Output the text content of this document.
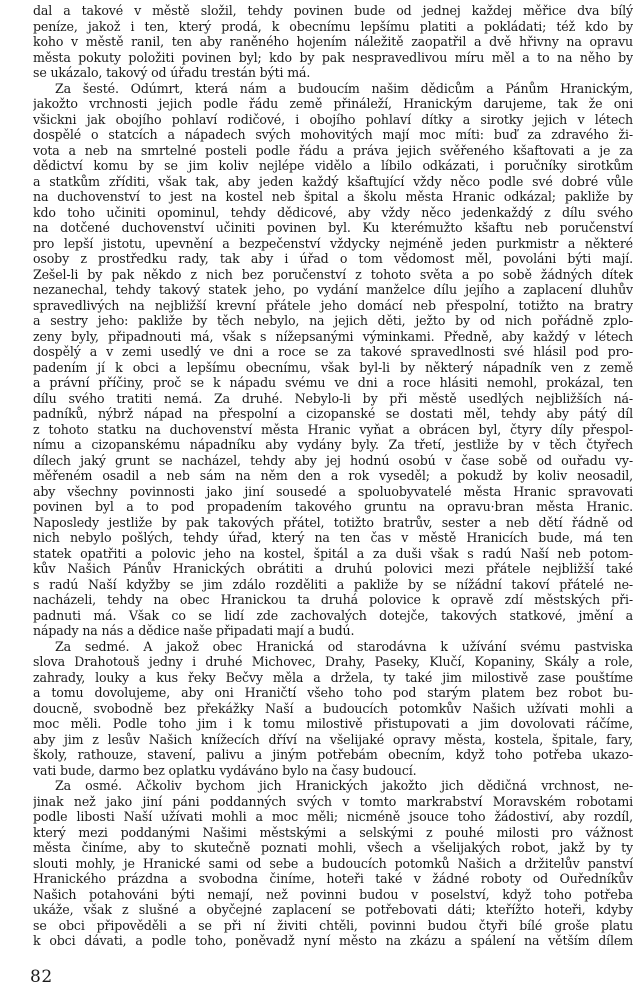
dal a takové v městě složil, tehdy povinen bude od jednej každej měřice dva bílý
peníze, jakož i ten, který prodá, k obecnímu lepšímu platiti a pokládati; též kdo by
koho v městě ranil, ten aby raněného hojením náležitě zaopatřil a dvě hřivny na opravu
města pokuty položiti povinen byl; kdo by pak nespravedlivou míru měl a to na něho by
se ukázalo, takový od úřadu trestán býti má.
Za šesté. Odúmrt, která nám a budoucím našim dědicům a Pánům Hranickým,
jakožto vrchnosti jejich podle řádu země přináleží, Hranickým darujeme, tak že oni
všickni jak obojího pohlaví rodičové, i obojího pohlaví dítky a sirotky jejich v létech
dospělé o statcích a nápadech svých mohovitých mají moc míti: buď za zdravého ži-
vota a neb na smrtelné posteli podle řádu a práva jejich svěřeného kšaftovati a je za
dědictví komu by se jim koliv nejlépe vidělo a líbilo odkázati, i poručníky sirotkům
a statkům zříditi, však tak, aby jeden každý kšaftující vždy něco podle své dobré vůle
na duchovenství to jest na kostel neb špital a školu města Hranic odkázal; pakliže by
kdo toho učiniti opominul, tehdy dědicové, aby vždy něco jedenkaždý z dílu svého
na dotčené duchovenství učiniti povinen byl. Ku kterémužto kšaftu neb poručenství
pro lepší jistotu, upevnění a bezpečenství vždycky nejméně jeden purkmistr a některé
osoby z prostředku rady, tak aby i úřad o tom vědomost měl, povoláni býti mají.
Zešel-li by pak někdo z nich bez poručenství z tohoto světa a po sobě žádných dítek
nezanechal, tehdy takový statek jeho, po vydání manželce dílu jejího a zaplacení dluhův
spravedlivých na nejbližší krevní přátele jeho domácí neb přespolní, totižto na bratry
a sestry jeho: pakliže by těch nebylo, na jejich děti, ježto by od nich pořádně zplo-
zeny byly, připadnouti má, však s nížepsanými výminkami. Předně, aby každý v létech
dospělý a v zemi usedlý ve dni a roce se za takové spravedlnosti své hlásil pod pro-
padením jí k obci a lepšímu obecnímu, však byl-li by některý nápadník ven z země
a právní příčiny, proč se k nápadu svému ve dni a roce hlásiti nemohl, prokázal, ten
dílu svého tratiti nemá. Za druhé. Nebylo-li by při městě usedlých nejbližších ná-
padníků, nýbrž nápad na přespolní a cizopanské se dostati měl, tehdy aby pátý díl
z tohoto statku na duchovenství města Hranic vyňat a obrácen byl, čtyry díly přespol-
nímu a cizopanskému nápadníku aby vydány byly. Za třetí, jestliže by v těch čtyřech
dílech jaký grunt se nacházel, tehdy aby jej hodnú osobú v čase sobě od ouřadu vy-
měřeném osadil a neb sám na něm den a rok vyseděl; a pokudž by koliv neosadil,
aby všechny povinnosti jako jiní sousedé a spoluobyvatelé města Hranic spravovati
povinen byl a to pod propadením takového gruntu na opravu·bran města Hranic.
Naposledy jestliže by pak takových přátel, totižto bratrův, sester a neb dětí řádně od
nich nebylo pošlých, tehdy úřad, který na ten čas v městě Hranicích bude, má ten
statek opatřiti a polovic jeho na kostel, špitál a za duši však s radú Naší neb potom-
kův Našich Pánův Hranických obrátiti a druhú polovici mezi přátele nejbližší také
s radú Naší kdyžby se jim zdálo rozděliti a pakliže by se nížádní takoví přátelé ne-
nacházeli, tehdy na obec Hranickou ta druhá polovice k opravě zdí městských při-
padnuti má. Však co se lidí zde zachovalých dotejče, takových statkové, jmění a
nápady na nás a dědice naše připadati mají a budú.
Za sedmé. A jakož obec Hranická od starodávna k užívání svému pastviska
slova Drahotouš jedny i druhé Michovec, Drahy, Paseky, Klučí, Kopaniny, Skály a role,
zahrady, louky a kus řeky Bečvy měla a držela, ty také jim milostivě zase pouštíme
a tomu dovolujeme, aby oni Hraničtí všeho toho pod starým platem bez robot bu-
doucně, svobodně bez překážky Naší a budoucích potomkův Našich užívati mohli a
moc měli. Podle toho jim i k tomu milostivě přistupovati a jim dovolovati ráčíme,
aby jim z lesův Našich knížecích dříví na všelijaké opravy města, kostela, špitale, fary,
školy, rathouze, stavení, palivu a jiným potřebám obecním, když toho potřeba ukazo-
vati bude, darmo bez oplatku vydáváno bylo na časy budoucí.
Za osmé. Ačkoliv bychom jich Hranických jakožto jich dědičná vrchnost, ne-
jinak než jako jiní páni poddanných svých v tomto markrabství Moravském robotami
podle libosti Naší užívati mohli a moc měli; nicméně jsouce toho žádostiví, aby rozdíl,
který mezi poddanými Našimi městskými a selskými z pouhé milosti pro vážnost
města činíme, aby to skutečně poznati mohli, všech a všelijakých robot, jakž by ty
slouti mohly, je Hranické sami od sebe a budoucích potomků Našich a držitelův panství
Hranického prázdna a svobodna činíme, hoteři také v žádné roboty od Ouředníkův
Našich potahováni býti nemají, než povinni budou v poselství, když toho potřeba
ukáže, však z slušné a obyčejné zaplacení se potřebovati dáti; kteřížto hoteři, kdyby
se obci připověděli a se při ní živiti chtěli, povinni budou čtyři bílé groše platu
k obci dávati, a podle toho, poněvadž nyní město na zkázu a spálení na větším dílem
82
